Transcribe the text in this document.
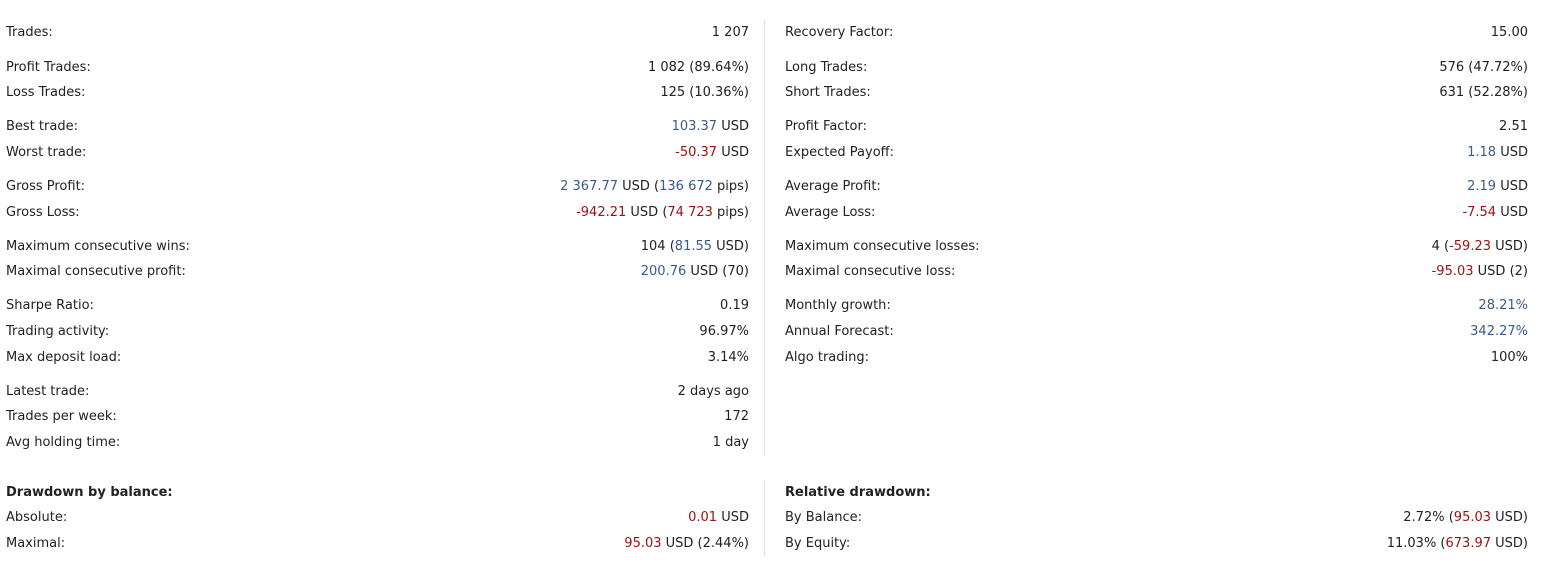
Trades:	1 207
Profit Trades:	1 082 (89.64%)
Loss Trades:	125 (10.36%)
Best trade:	103.37 USD
Worst trade:	-50.37 USD
Gross Profit:	2 367.77 USD (136 672 pips)
Gross Loss:	-942.21 USD (74 723 pips)
Maximum consecutive wins:	104 (81.55 USD)
Maximal consecutive profit:	200.76 USD (70)
Sharpe Ratio:	0.19
Trading activity:	96.97%
Max deposit load:	3.14%
Latest trade:	2 days ago
Trades per week:	172
Avg holding time:	1 day
Drawdown by balance:
Absolute:	0.01 USD
Maximal:	95.03 USD (2.44%)
Recovery Factor:	15.00
Long Trades:	576 (47.72%)
Short Trades:	631 (52.28%)
Profit Factor:	2.51
Expected Payoff:	1.18 USD
Average Profit:	2.19 USD
Average Loss:	-7.54 USD
Maximum consecutive losses:	4 (-59.23 USD)
Maximal consecutive loss:	-95.03 USD (2)
Monthly growth:	28.21%
Annual Forecast:	342.27%
Algo trading:	100%
Relative drawdown:
By Balance:	2.72% (95.03 USD)
By Equity:	11.03% (673.97 USD)
